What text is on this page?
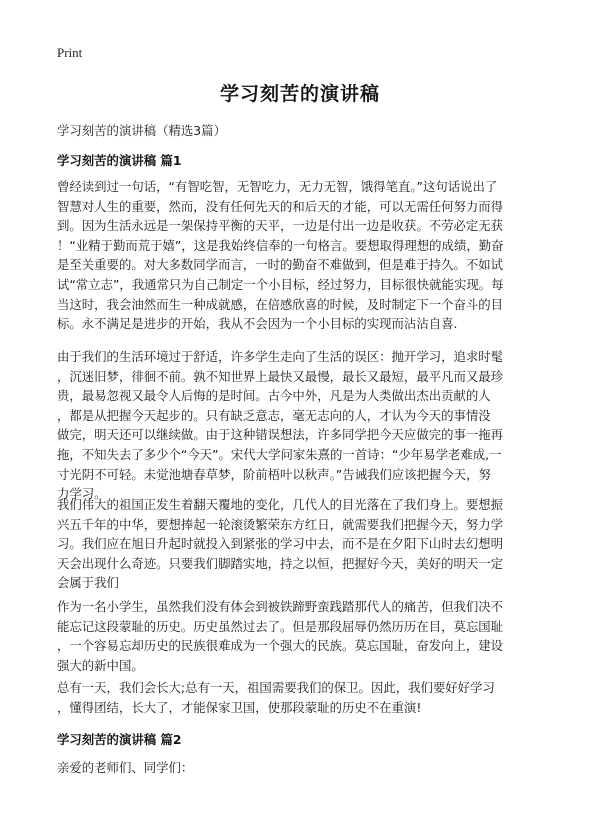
Print
学习刻苦的演讲稿

学习刻苦的演讲稿（精选3篇）

学习刻苦的演讲稿 篇1
曾经读到过一句话，“有智吃智，无智吃力，无力无智，饿得笔直。”这句话说出了
智慧对人生的重要，然而，没有任何先天的和后天的才能，可以无需任何努力而得
到。因为生活永远是一架保持平衡的天平，一边是付出一边是收获。不劳必定无获
！“业精于勤而荒于嬉”，这是我始终信奉的一句格言。要想取得理想的成绩，勤奋
是至关重要的。对大多数同学而言，一时的勤奋不难做到，但是难于持久。不如试
试“常立志”，我通常只为自己制定一个小目标，经过努力，目标很快就能实现。每
当这时，我会油然而生一种成就感，在倍感欣喜的时候，及时制定下一个奋斗的目
标。永不满足是进步的开始，我从不会因为一个小目标的实现而沾沾自喜.
由于我们的生活环境过于舒适，许多学生走向了生活的误区：抛开学习，追求时髦
，沉迷旧梦，徘徊不前。孰不知世界上最快又最慢，最长又最短，最平凡而又最珍
贵，最易忽视又最令人后悔的是时间。古今中外，凡是为人类做出杰出贡献的人
，都是从把握今天起步的。只有缺乏意志，毫无志向的人，才认为今天的事情没
做完，明天还可以继续做。由于这种错误想法，许多同学把今天应做完的事一拖再
拖，不知失去了多少个“今天”。宋代大学问家朱熹的一首诗：“少年易学老难成,一
寸光阴不可轻。未觉池塘春草梦，阶前梧叶以秋声。”告诫我们应该把握今天，努
力学习。
我们伟大的祖国正发生着翻天覆地的变化，几代人的目光落在了我们身上。要想振
兴五千年的中华，要想捧起一轮滚烫繁荣东方红日，就需要我们把握今天，努力学
习。我们应在旭日升起时就投入到紧张的学习中去，而不是在夕阳下山时去幻想明
天会出现什么奇迹。只要我们脚踏实地，持之以恒，把握好今天，美好的明天一定
会属于我们
作为一名小学生，虽然我们没有体会到被铁蹄野蛮践踏那代人的痛苦，但我们决不
能忘记这段蒙耻的历史。历史虽然过去了。但是那段屈辱仍然历历在目，莫忘国耻
，一个容易忘却历史的民族很难成为一个强大的民族。莫忘国耻，奋发向上，建设
强大的新中国。
总有一天，我们会长大;总有一天，祖国需要我们的保卫。因此，我们要好好学习
，懂得团结，长大了，才能保家卫国，使那段蒙耻的历史不在重演!
学习刻苦的演讲稿 篇2
亲爱的老师们、同学们：
